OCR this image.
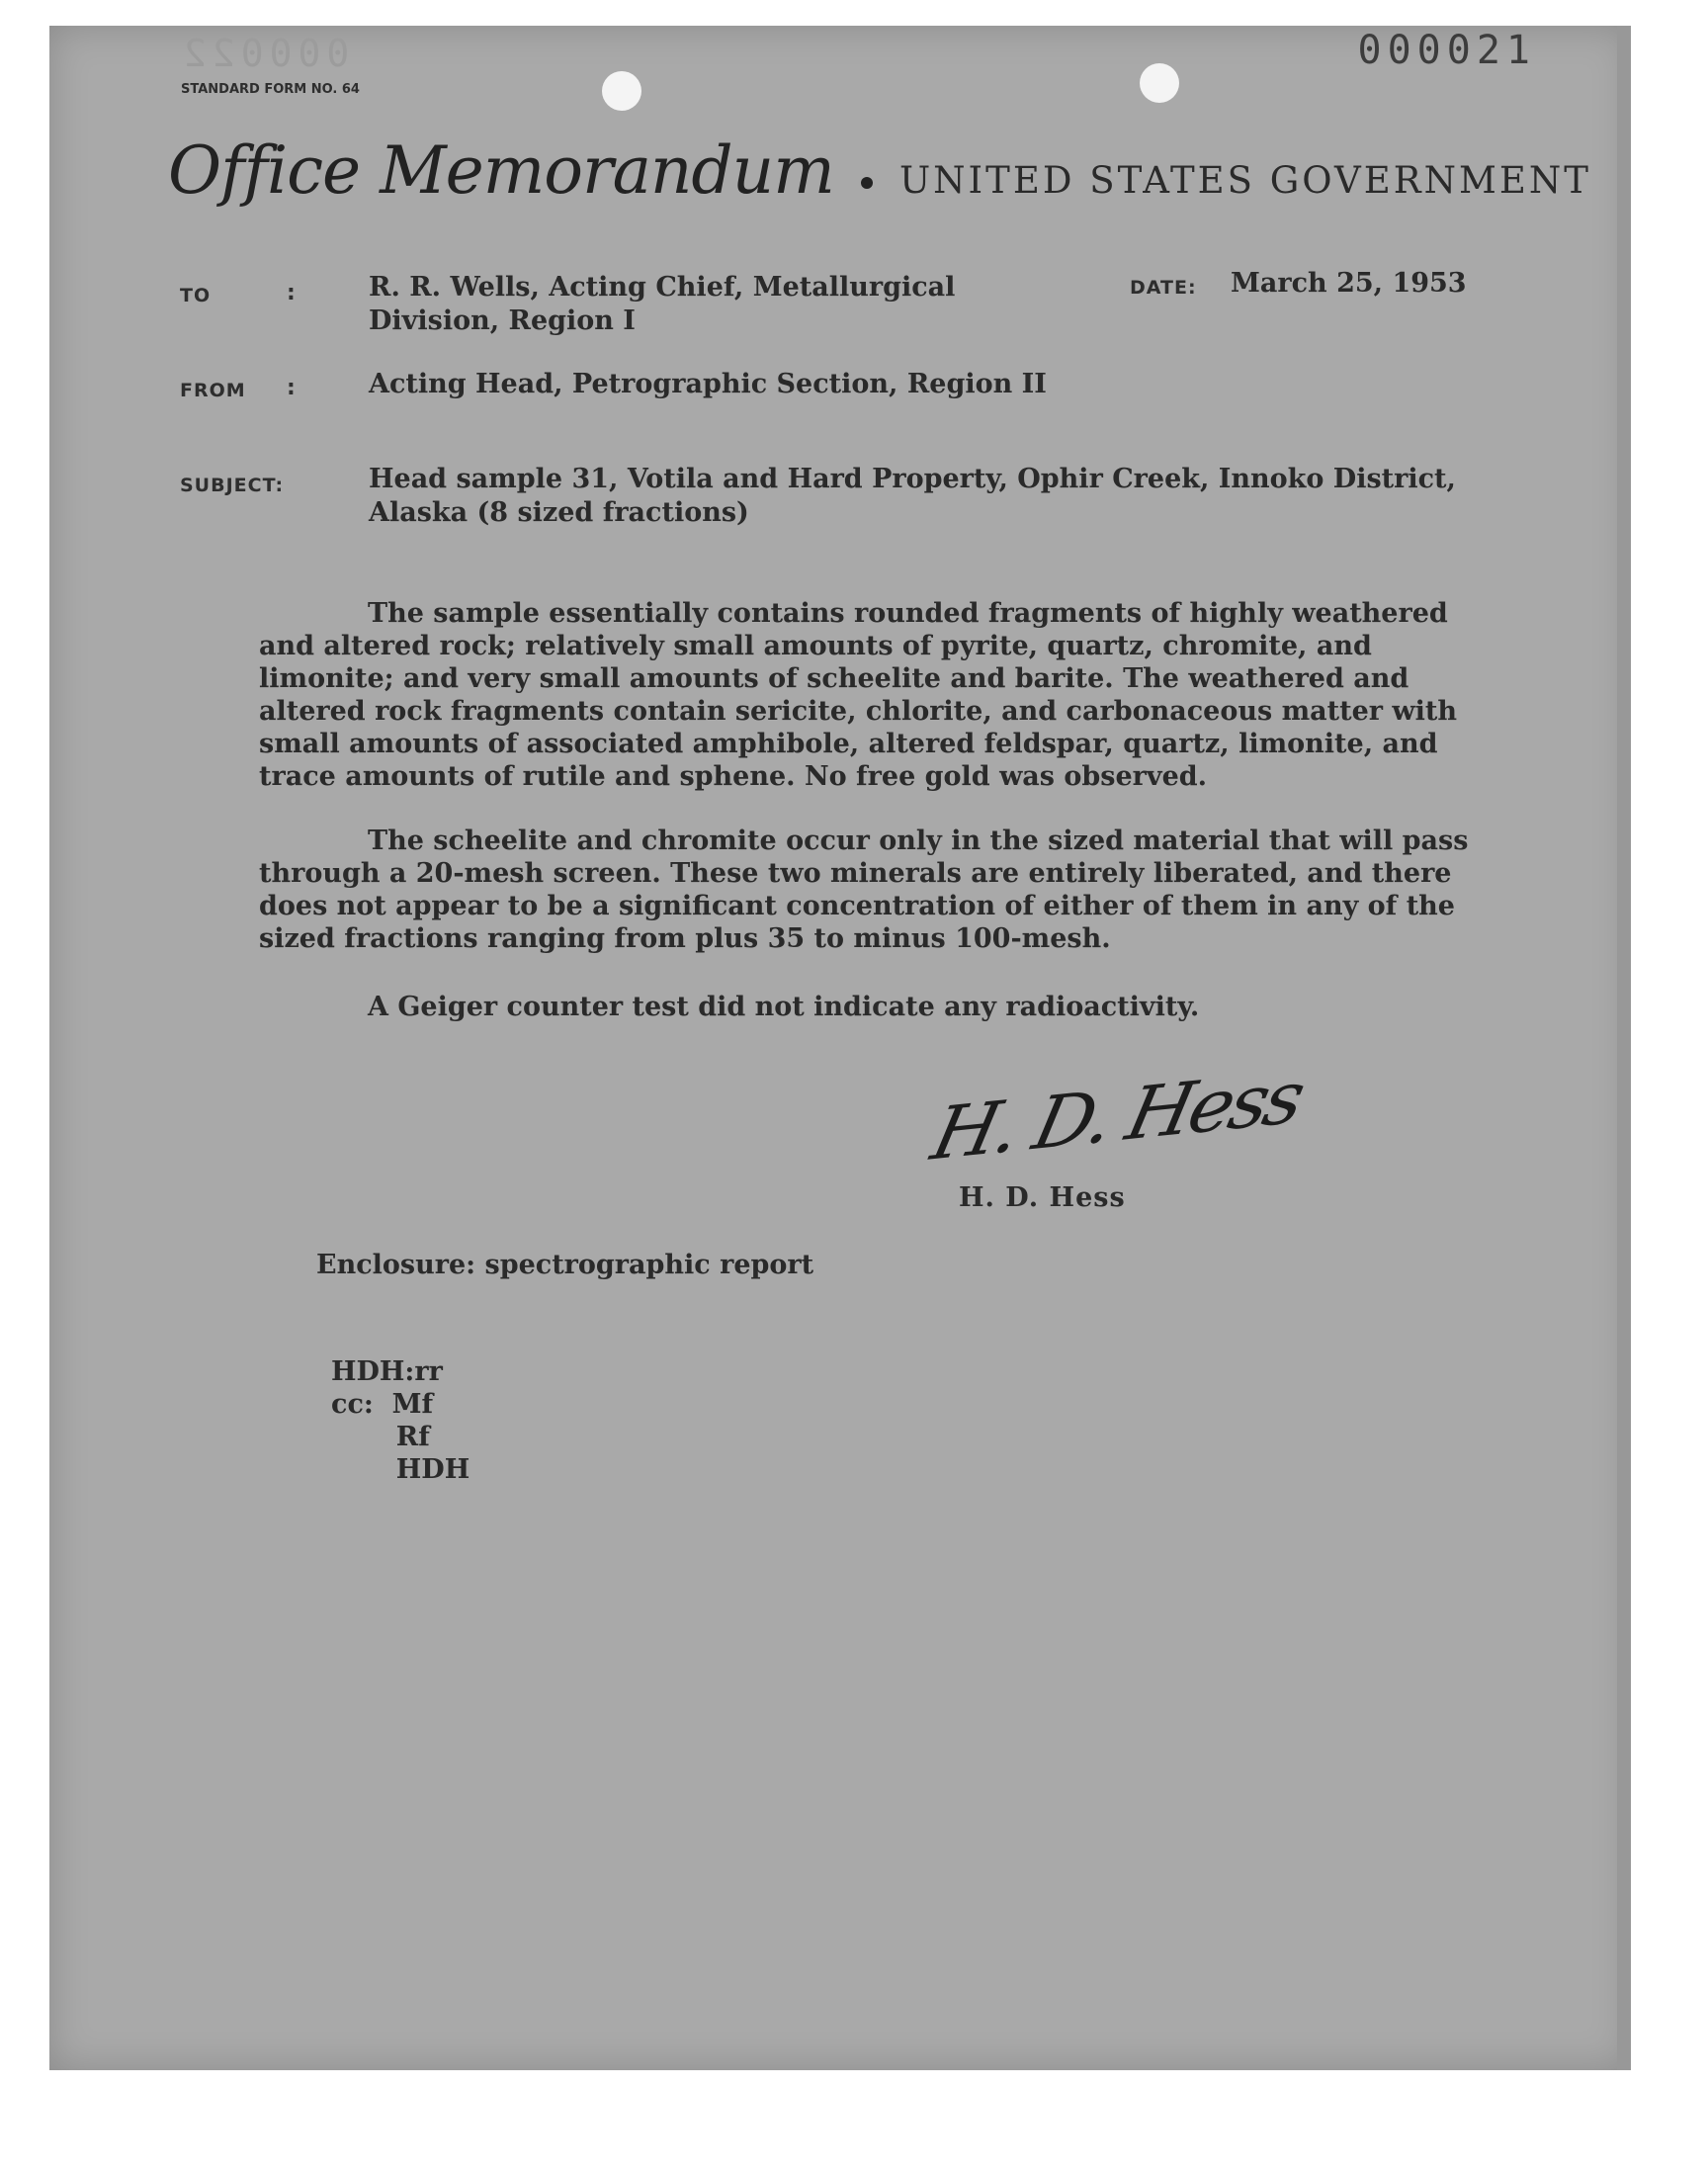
000022	000021
STANDARD FORM NO. 64
Office Memorandum UNITED STATES GOVERNMENT
TO	:	R. R. Wells, Acting Chief, Metallurgical
Division, Region I
DATE: March 25, 1953
FROM :	Acting Head, Petrographic Section, Region II
SUBJECT:	Head sample 31, Votila and Hard Property, Ophir Creek, Innoko District,
Alaska (8 sized fractions)
The sample essentially contains rounded fragments of highly weathered and altered rock; relatively small amounts of pyrite, quartz, chromite, and limonite; and very small amounts of scheelite and barite. The weathered and altered rock fragments contain sericite, chlorite, and carbonaceous matter with small amounts of associated amphibole, altered feldspar, quartz, limonite, and trace amounts of rutile and sphene. No free gold was observed.
The scheelite and chromite occur only in the sized material that will pass through a 20-mesh screen. These two minerals are entirely liberated, and there does not appear to be a significant concentration of either of them in any of the sized fractions ranging from plus 35 to minus 100-mesh.
A Geiger counter test did not indicate any radioactivity.
H. D. Hess
H. D. Hess
Enclosure: spectrographic report
HDH:rr
cc:  Mf
Rf
HDH
